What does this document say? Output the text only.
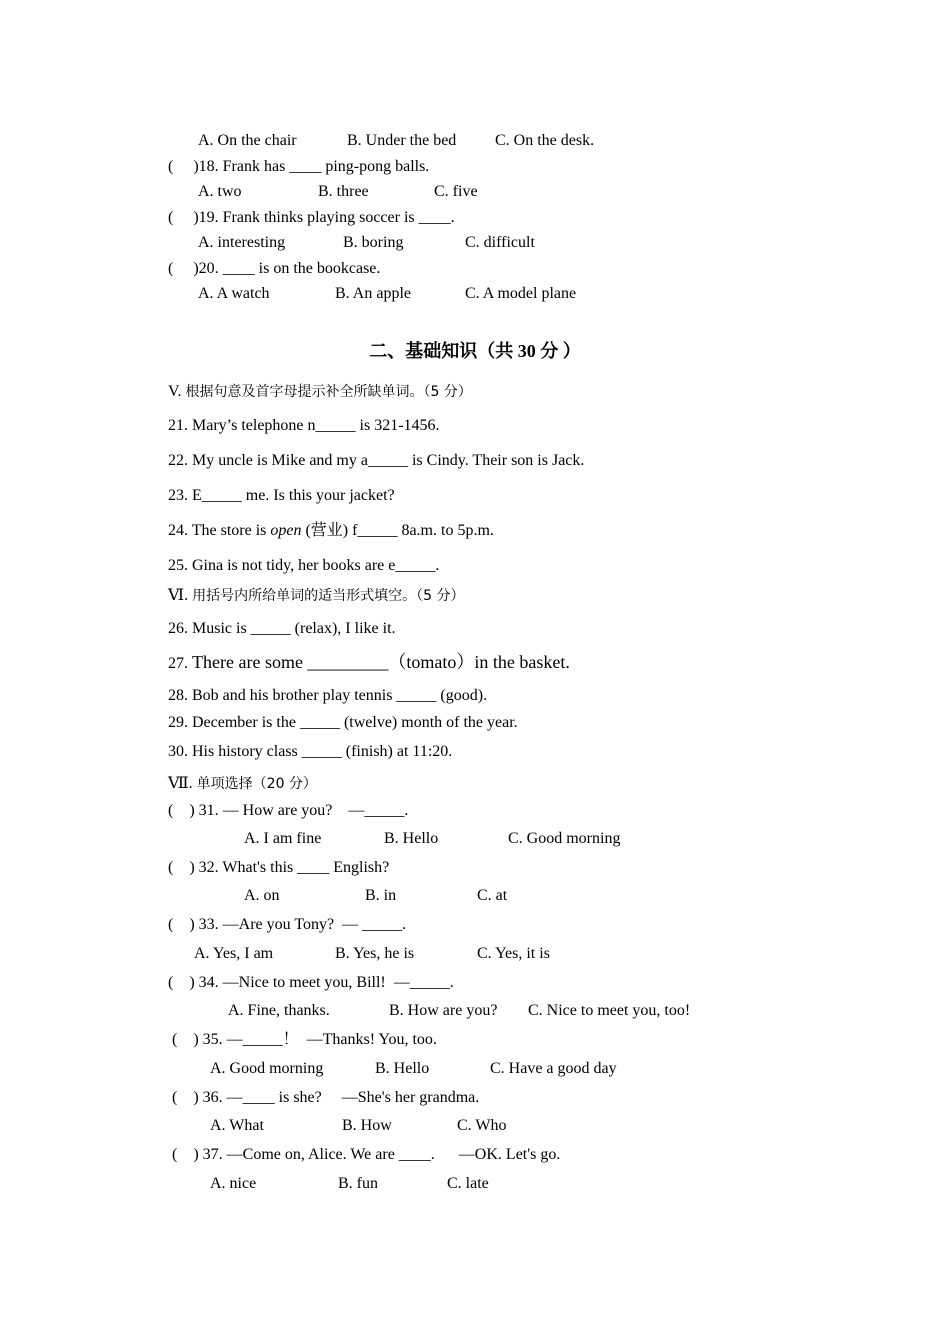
A. On the chair	B. Under the bed C. On the desk.
(     )18. Frank has ____ ping-pong balls.
A. two	B. three	C. five
(     )19. Frank thinks playing soccer is ____.
A. interesting	B. boring	C. difficult
(     )20. ____ is on the bookcase.
A. A watch	B. An apple	C. A model plane
二、基础知识（共 30 分 ）
V. 根据句意及首字母提示补全所缺单词。（5 分）
21. Mary’s telephone n_____ is 321-1456.
22. My uncle is Mike and my a_____ is Cindy. Their son is Jack.
23. E_____ me. Is this your jacket?
24. The store is open (营业) f_____ 8a.m. to 5p.m.
25. Gina is not tidy, her books are e_____.
Ⅵ. 用括号内所给单词的适当形式填空。（5 分）
26. Music is _____ (relax), I like it.
27. There are some _________（tomato）in the basket.
28. Bob and his brother play tennis _____ (good).
29. December is the _____ (twelve) month of the year.
30. His history class _____ (finish) at 11:20.
Ⅶ. 单项选择（20 分）
(    ) 31. — How are you?    —_____.
A. I am fine	B. Hello	C. Good morning
(    ) 32. What's this ____ English?
A. on	B. in	C. at
(    ) 33. —Are you Tony?  — _____.
A. Yes, I am	B. Yes, he is	C. Yes, it is
(    ) 34. —Nice to meet you, Bill!  —_____.
A. Fine, thanks.	B. How are you? C. Nice to meet you, too!
(    ) 35. —_____！  —Thanks! You, too.
A. Good morning	B. Hello	C. Have a good day
(    ) 36. —____ is she?     —She's her grandma.
A. What	B. How	C. Who
(    ) 37. —Come on, Alice. We are ____.      —OK. Let's go.
A. nice	B. fun	C. late
